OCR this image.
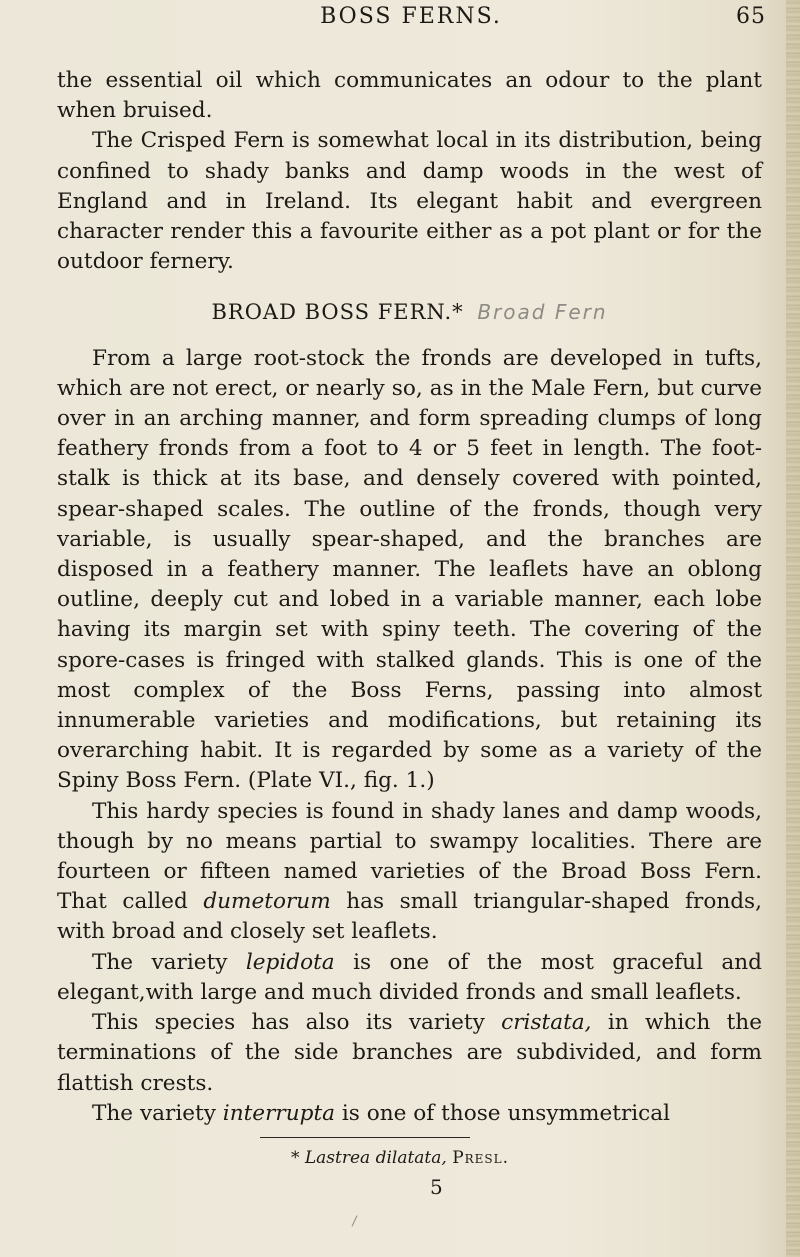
BOSS FERNS.	65

the essential oil which communicates an odour to the plant when bruised.

The Crisped Fern is somewhat local in its distribution, being confined to shady banks and damp woods in the west of England and in Ireland. Its elegant habit and evergreen character render this a favourite either as a pot plant or for the outdoor fernery.

BROAD BOSS FERN.* Broad Fern

From a large root-stock the fronds are developed in tufts, which are not erect, or nearly so, as in the Male Fern, but curve over in an arching manner, and form spreading clumps of long feathery fronds from a foot to 4 or 5 feet in length. The foot-stalk is thick at its base, and densely covered with pointed, spear-shaped scales. The outline of the fronds, though very variable, is usually spear-shaped, and the branches are disposed in a feathery manner. The leaflets have an oblong outline, deeply cut and lobed in a variable manner, each lobe having its margin set with spiny teeth. The covering of the spore-cases is fringed with stalked glands. This is one of the most complex of the Boss Ferns, passing into almost innumerable varieties and modifications, but retaining its overarching habit. It is regarded by some as a variety of the Spiny Boss Fern. (Plate VI., fig. 1.)

This hardy species is found in shady lanes and damp woods, though by no means partial to swampy localities. There are fourteen or fifteen named varieties of the Broad Boss Fern. That called dumetorum has small triangular-shaped fronds, with broad and closely set leaflets.

The variety lepidota is one of the most graceful and elegant,with large and much divided fronds and small leaflets.

This species has also its variety cristata, in which the terminations of the side branches are subdivided, and form flattish crests.

The variety interrupta is one of those unsymmetrical

* Lastrea dilatata, Presl.
5
